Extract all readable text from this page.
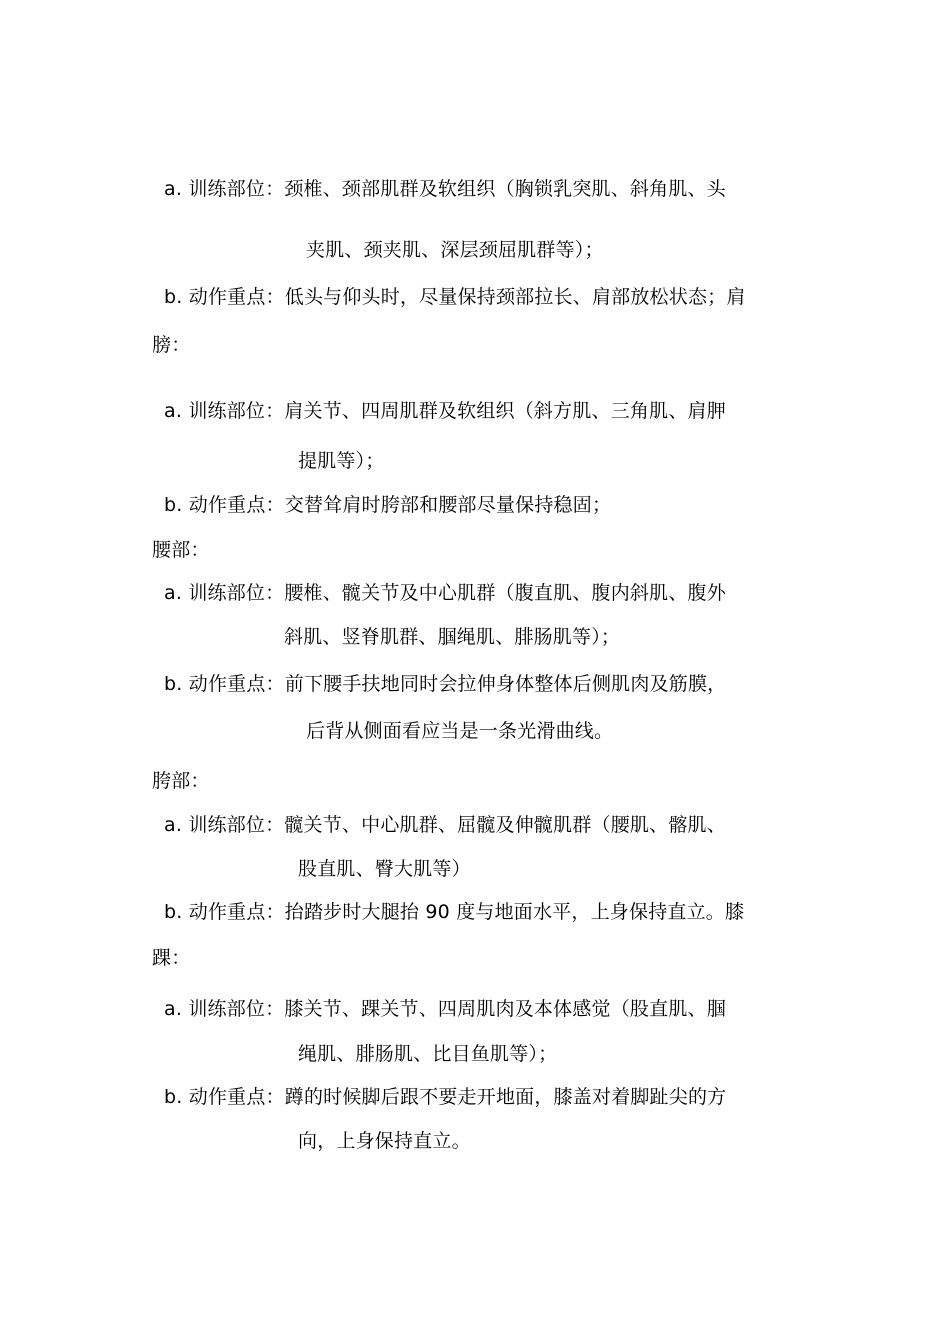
a. 训练部位：颈椎、颈部肌群及软组织（胸锁乳突肌、斜角肌、头
夹肌、颈夹肌、深层颈屈肌群等）；
b. 动作重点：低头与仰头时，尽量保持颈部拉长、肩部放松状态；肩
膀：
a. 训练部位：肩关节、四周肌群及软组织（斜方肌、三角肌、肩胛
提肌等）；
b. 动作重点：交替耸肩时胯部和腰部尽量保持稳固；
腰部：
a. 训练部位：腰椎、髋关节及中心肌群（腹直肌、腹内斜肌、腹外
斜肌、竖脊肌群、腘绳肌、腓肠肌等）；
b. 动作重点：前下腰手扶地同时会拉伸身体整体后侧肌肉及筋膜，
后背从侧面看应当是一条光滑曲线。
胯部：
a. 训练部位：髋关节、中心肌群、屈髋及伸髋肌群（腰肌、髂肌、
股直肌、臀大肌等）
b. 动作重点：抬踏步时大腿抬 90 度与地面水平，上身保持直立。膝
踝：
a. 训练部位：膝关节、踝关节、四周肌肉及本体感觉（股直肌、腘
绳肌、腓肠肌、比目鱼肌等）；
b. 动作重点：蹲的时候脚后跟不要走开地面，膝盖对着脚趾尖的方
向，上身保持直立。
